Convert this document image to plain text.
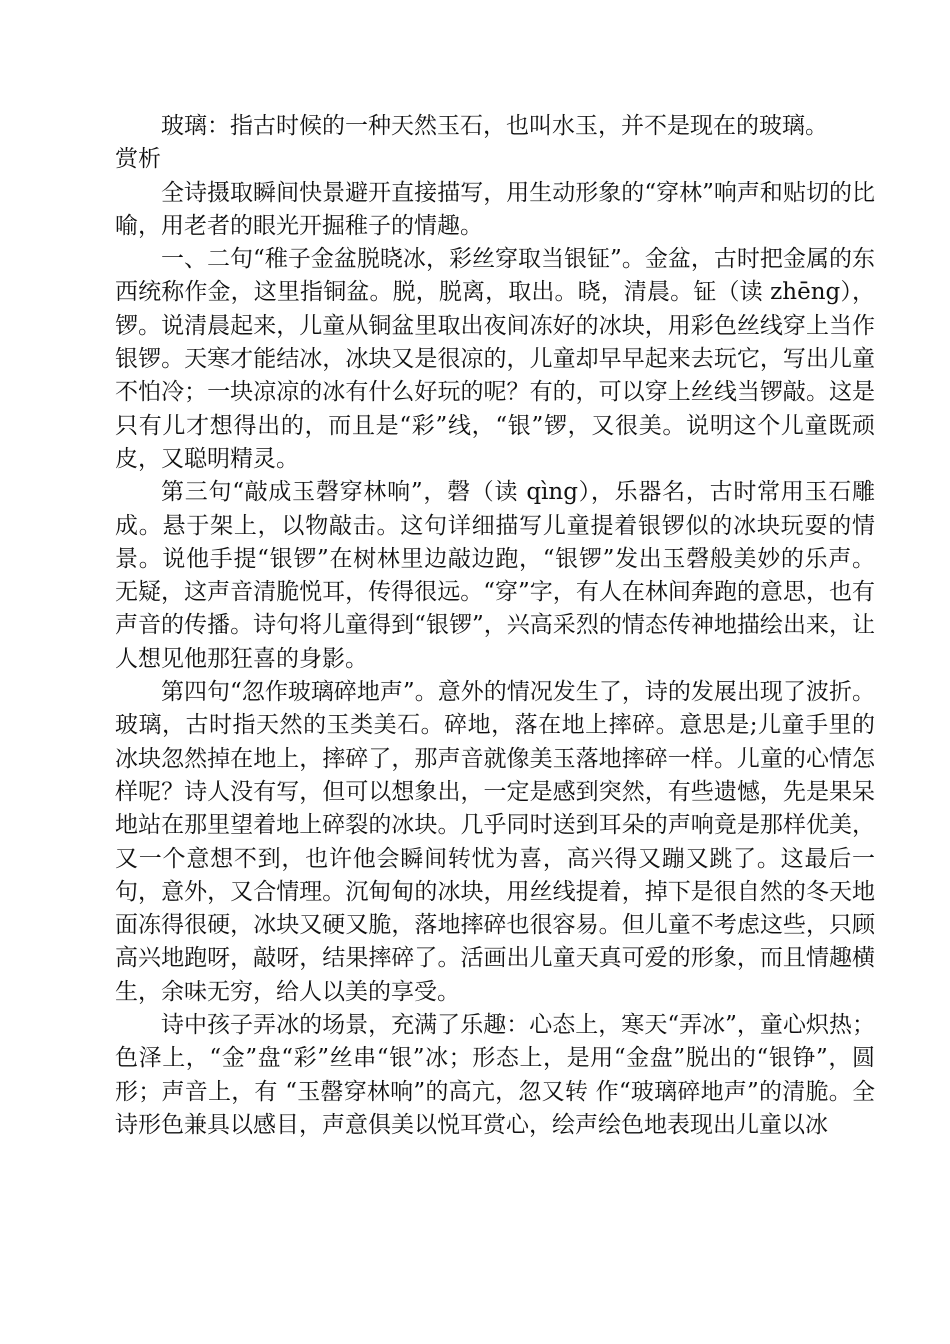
玻璃：指古时候的一种天然玉石，也叫水玉，并不是现在的玻璃。

赏析

全诗摄取瞬间快景避开直接描写，用生动形象的“穿林”响声和贴切的比喻，用老者的眼光开掘稚子的情趣。

一、二句“稚子金盆脱晓冰，彩丝穿取当银钲”。金盆，古时把金属的东西统称作金，这里指铜盆。脱，脱离，取出。晓，清晨。钲（读 zhēng），锣。说清晨起来，儿童从铜盆里取出夜间冻好的冰块，用彩色丝线穿上当作银锣。天寒才能结冰，冰块又是很凉的，儿童却早早起来去玩它，写出儿童不怕冷；一块凉凉的冰有什么好玩的呢？有的，可以穿上丝线当锣敲。这是只有儿才想得出的，而且是“彩”线，“银”锣，又很美。说明这个儿童既顽皮，又聪明精灵。

第三句“敲成玉磬穿林响”，磬（读 qìng），乐器名，古时常用玉石雕成。悬于架上，以物敲击。这句详细描写儿童提着银锣似的冰块玩耍的情景。说他手提“银锣”在树林里边敲边跑，“银锣”发出玉磬般美妙的乐声。无疑，这声音清脆悦耳，传得很远。“穿”字，有人在林间奔跑的意思，也有声音的传播。诗句将儿童得到“银锣”，兴高采烈的情态传神地描绘出来，让人想见他那狂喜的身影。

第四句“忽作玻璃碎地声”。意外的情况发生了，诗的发展出现了波折。玻璃，古时指天然的玉类美石。碎地，落在地上摔碎。意思是;儿童手里的冰块忽然掉在地上，摔碎了，那声音就像美玉落地摔碎一样。儿童的心情怎样呢？诗人没有写，但可以想象出，一定是感到突然，有些遗憾，先是果呆地站在那里望着地上碎裂的冰块。几乎同时送到耳朵的声响竟是那样优美，又一个意想不到，也许他会瞬间转忧为喜，高兴得又蹦又跳了。这最后一句，意外，又合情理。沉甸甸的冰块，用丝线提着，掉下是很自然的冬天地面冻得很硬，冰块又硬又脆，落地摔碎也很容易。但儿童不考虑这些，只顾高兴地跑呀，敲呀，结果摔碎了。活画出儿童天真可爱的形象，而且情趣横生，余味无穷，给人以美的享受。

诗中孩子弄冰的场景，充满了乐趣：心态上，寒天“弄冰”，童心炽热；色泽上，“金”盘“彩”丝串“银”冰；形态上，是用“金盘”脱出的“银铮”，圆形；声音上，有 “玉罄穿林响”的高亢，忽又转 作“玻璃碎地声”的清脆。全诗形色兼具以感目，声意俱美以悦耳赏心，绘声绘色地表现出儿童以冰
